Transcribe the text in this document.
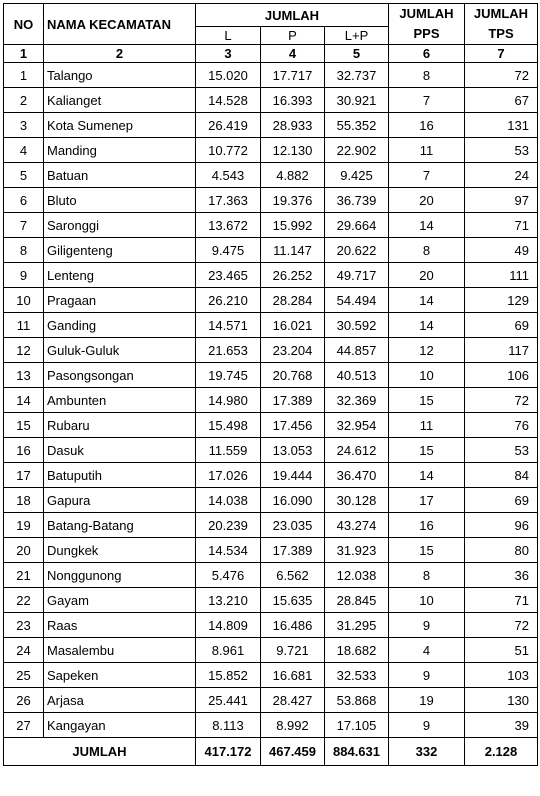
NO	NAMA KECAMATAN	JUMLAH			JUMLAH PPS	JUMLAH TPS
		L	P	L+P		
1	2	3	4	5	6	7
1	Talango	15.020	17.717	32.737	8	72
2	Kalianget	14.528	16.393	30.921	7	67
3	Kota Sumenep	26.419	28.933	55.352	16	131
4	Manding	10.772	12.130	22.902	11	53
5	Batuan	4.543	4.882	9.425	7	24
6	Bluto	17.363	19.376	36.739	20	97
7	Saronggi	13.672	15.992	29.664	14	71
8	Giligenteng	9.475	11.147	20.622	8	49
9	Lenteng	23.465	26.252	49.717	20	111
10	Pragaan	26.210	28.284	54.494	14	129
11	Ganding	14.571	16.021	30.592	14	69
12	Guluk-Guluk	21.653	23.204	44.857	12	117
13	Pasongsongan	19.745	20.768	40.513	10	106
14	Ambunten	14.980	17.389	32.369	15	72
15	Rubaru	15.498	17.456	32.954	11	76
16	Dasuk	11.559	13.053	24.612	15	53
17	Batuputih	17.026	19.444	36.470	14	84
18	Gapura	14.038	16.090	30.128	17	69
19	Batang-Batang	20.239	23.035	43.274	16	96
20	Dungkek	14.534	17.389	31.923	15	80
21	Nonggunong	5.476	6.562	12.038	8	36
22	Gayam	13.210	15.635	28.845	10	71
23	Raas	14.809	16.486	31.295	9	72
24	Masalembu	8.961	9.721	18.682	4	51
25	Sapeken	15.852	16.681	32.533	9	103
26	Arjasa	25.441	28.427	53.868	19	130
27	Kangayan	8.113	8.992	17.105	9	39
JUMLAH		417.172	467.459	884.631	332	2.128
